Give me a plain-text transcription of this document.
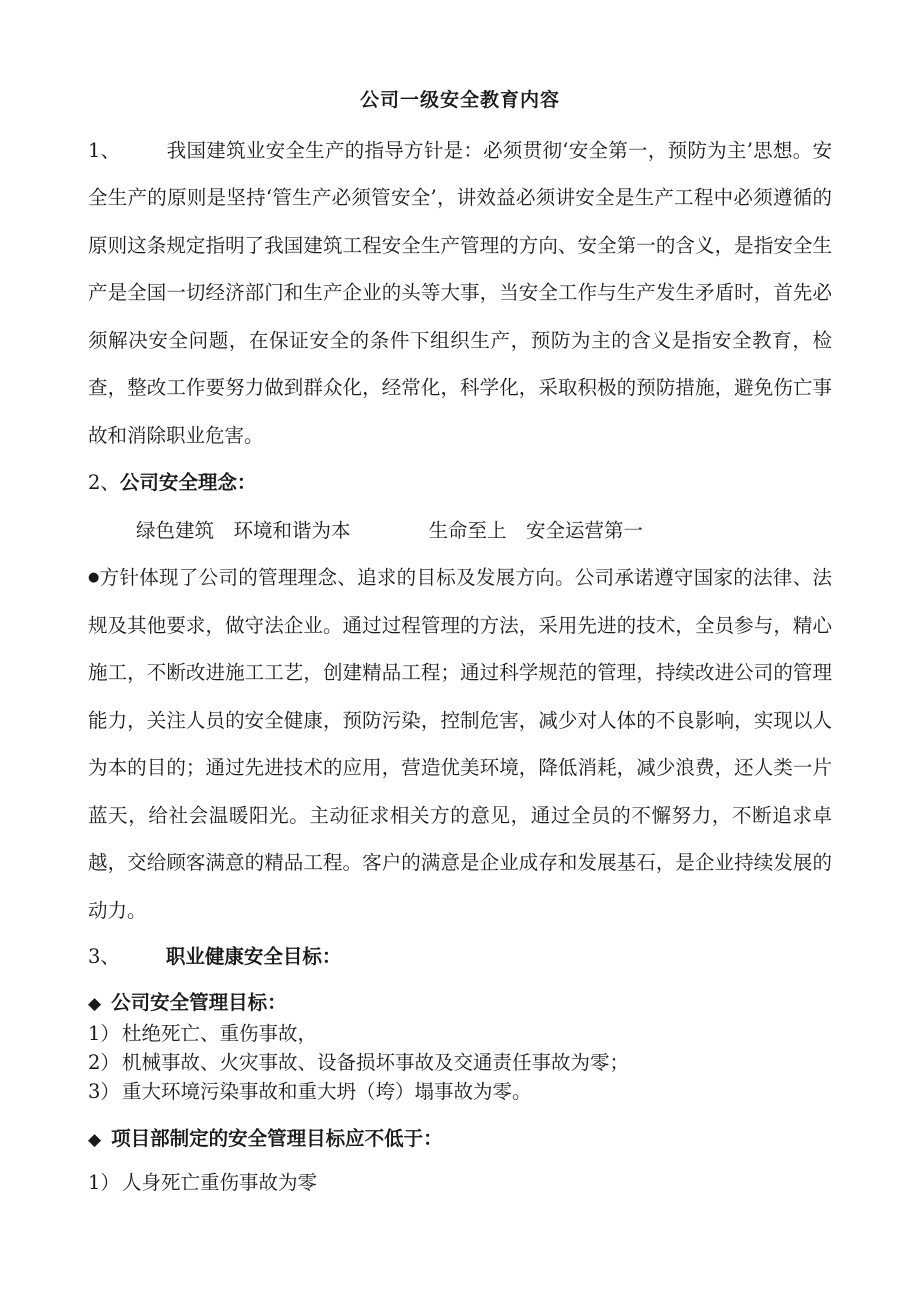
公司一级安全教育内容

1、 我国建筑业安全生产的指导方针是：必须贯彻‘安全第一，预防为主’思想。安全生产的原则是坚持‘管生产必须管安全’，讲效益必须讲安全是生产工程中必须遵循的原则这条规定指明了我国建筑工程安全生产管理的方向、安全第一的含义，是指安全生产是全国一切经济部门和生产企业的头等大事，当安全工作与生产发生矛盾时，首先必须解决安全问题，在保证安全的条件下组织生产，预防为主的含义是指安全教育，检查，整改工作要努力做到群众化，经常化，科学化，采取积极的预防措施，避免伤亡事故和消除职业危害。

2、公司安全理念：

绿色建筑　环境和谐为本　　　　生命至上　安全运营第一

●方针体现了公司的管理理念、追求的目标及发展方向。公司承诺遵守国家的法律、法规及其他要求，做守法企业。通过过程管理的方法，采用先进的技术，全员参与，精心施工，不断改进施工工艺，创建精品工程；通过科学规范的管理，持续改进公司的管理能力，关注人员的安全健康，预防污染，控制危害，减少对人体的不良影响，实现以人为本的目的；通过先进技术的应用，营造优美环境，降低消耗，减少浪费，还人类一片蓝天，给社会温暖阳光。主动征求相关方的意见，通过全员的不懈努力，不断追求卓越，交给顾客满意的精品工程。客户的满意是企业成存和发展基石，是企业持续发展的动力。

3、 职业健康安全目标：

◆ 公司安全管理目标：

1） 杜绝死亡、重伤事故，
2） 机械事故、火灾事故、设备损坏事故及交通责任事故为零；
3） 重大环境污染事故和重大坍（垮）塌事故为零。

◆ 项目部制定的安全管理目标应不低于：

1） 人身死亡重伤事故为零
